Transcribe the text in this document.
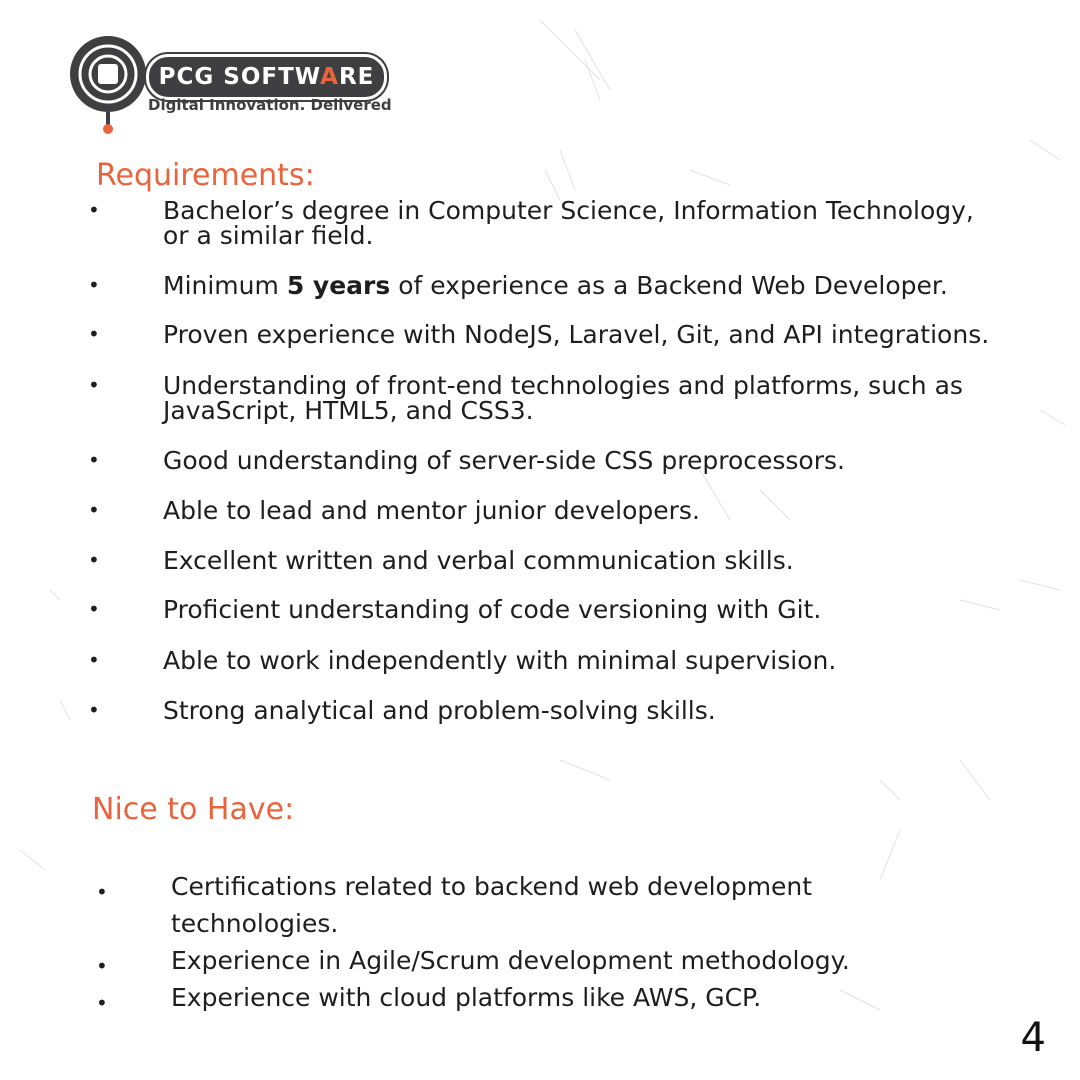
PCG SOFTWARE
Digital Innovation. Delivered
Requirements:
•	Bachelor’s degree in Computer Science, Information Technology,
or a similar field.
•	Minimum 5 years of experience as a Backend Web Developer.
•	Proven experience with NodeJS, Laravel, Git, and API integrations.
•	Understanding of front-end technologies and platforms, such as
JavaScript, HTML5, and CSS3.
•	Good understanding of server-side CSS preprocessors.
•	Able to lead and mentor junior developers.
•	Excellent written and verbal communication skills.
•	Proficient understanding of code versioning with Git.
•	Able to work independently with minimal supervision.
•	Strong analytical and problem-solving skills.
Nice to Have:
•	Certifications related to backend web development
technologies.
•	Experience in Agile/Scrum development methodology.
•	Experience with cloud platforms like AWS, GCP.
4
